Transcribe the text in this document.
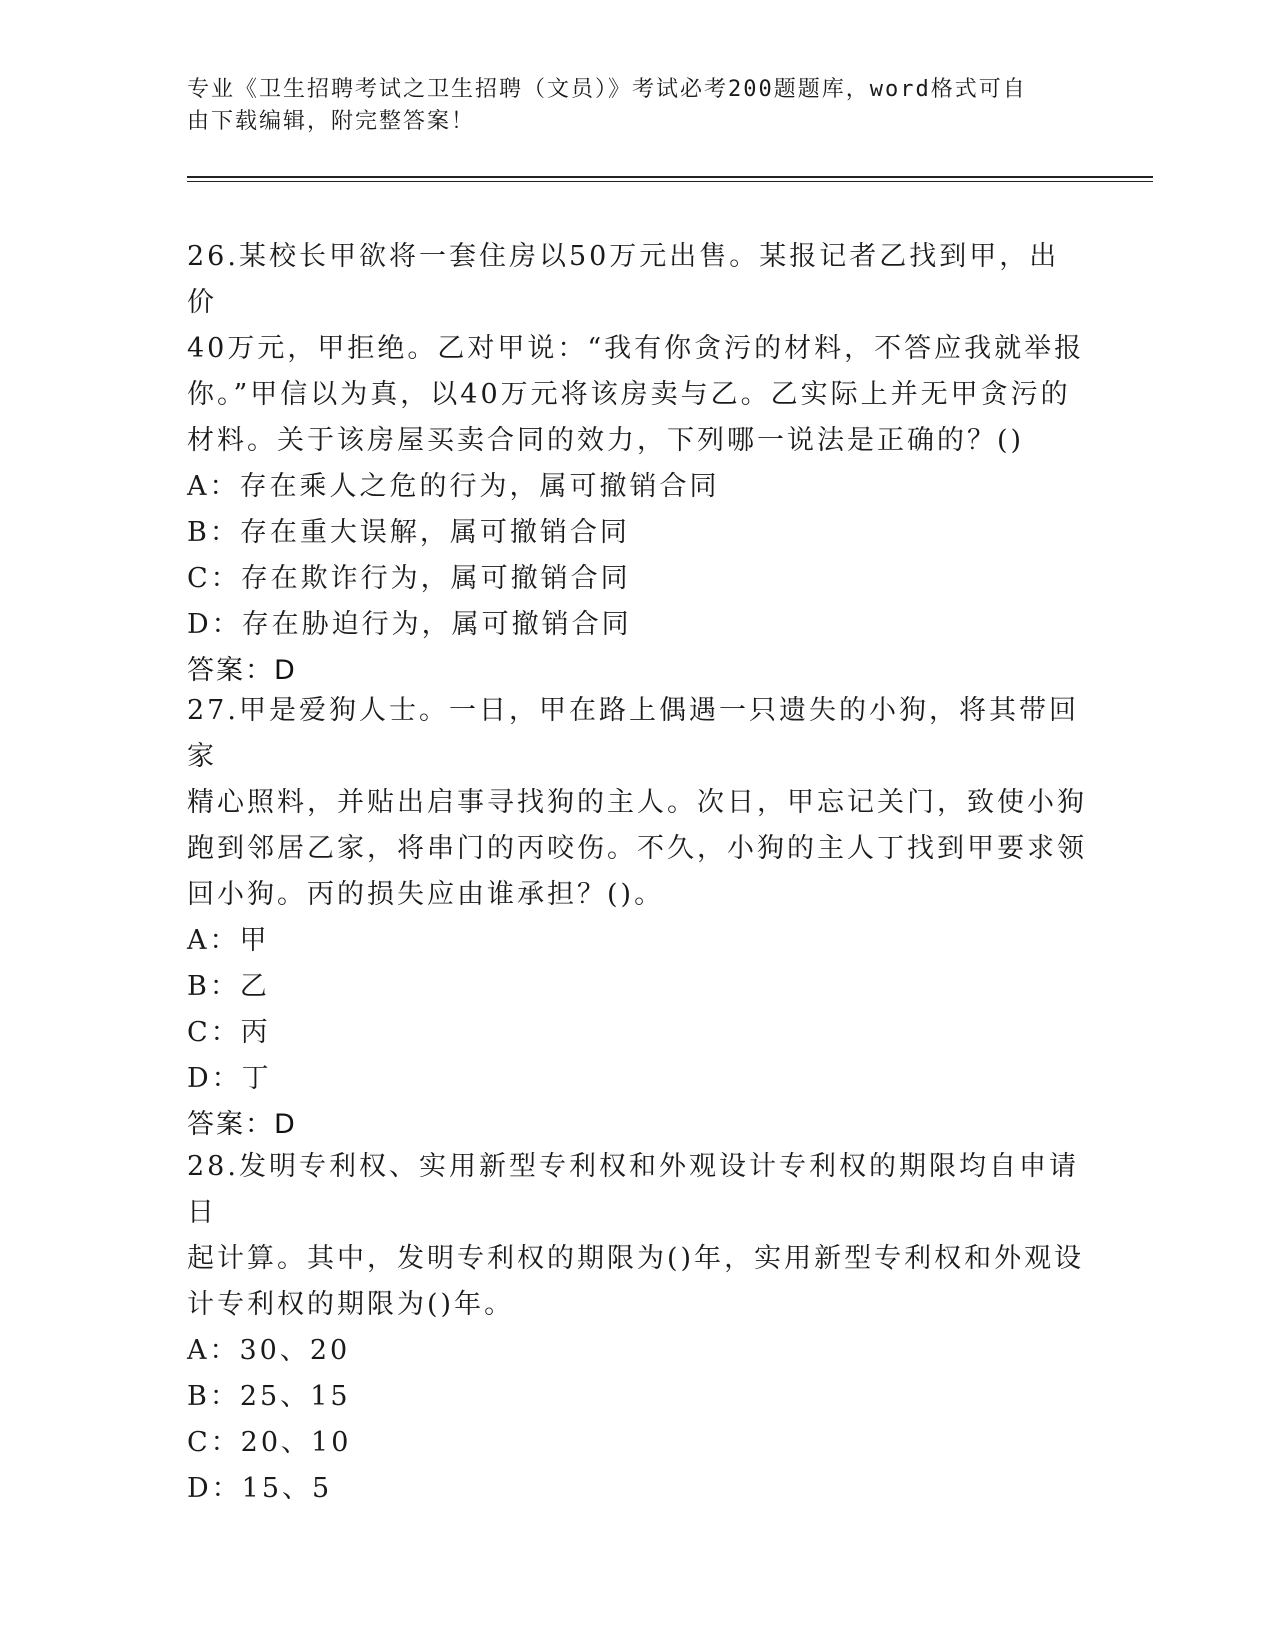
专业《卫生招聘考试之卫生招聘（文员）》考试必考200题题库，word格式可自
由下载编辑，附完整答案！

26.某校长甲欲将一套住房以50万元出售。某报记者乙找到甲，出价

40万元，甲拒绝。乙对甲说：“我有你贪污的材料，不答应我就举报

你。”甲信以为真，以40万元将该房卖与乙。乙实际上并无甲贪污的

材料。关于该房屋买卖合同的效力，下列哪一说法是正确的？()

A：存在乘人之危的行为，属可撤销合同

B：存在重大误解，属可撤销合同

C：存在欺诈行为，属可撤销合同

D：存在胁迫行为，属可撤销合同

答案：D

27.甲是爱狗人士。一日，甲在路上偶遇一只遗失的小狗，将其带回家

精心照料，并贴出启事寻找狗的主人。次日，甲忘记关门，致使小狗

跑到邻居乙家，将串门的丙咬伤。不久，小狗的主人丁找到甲要求领

回小狗。丙的损失应由谁承担？()。

A：甲

B：乙

C：丙

D：丁

答案：D

28.发明专利权、实用新型专利权和外观设计专利权的期限均自申请日

起计算。其中，发明专利权的期限为()年，实用新型专利权和外观设

计专利权的期限为()年。

A：30、20

B：25、15

C：20、10

D：15、5
